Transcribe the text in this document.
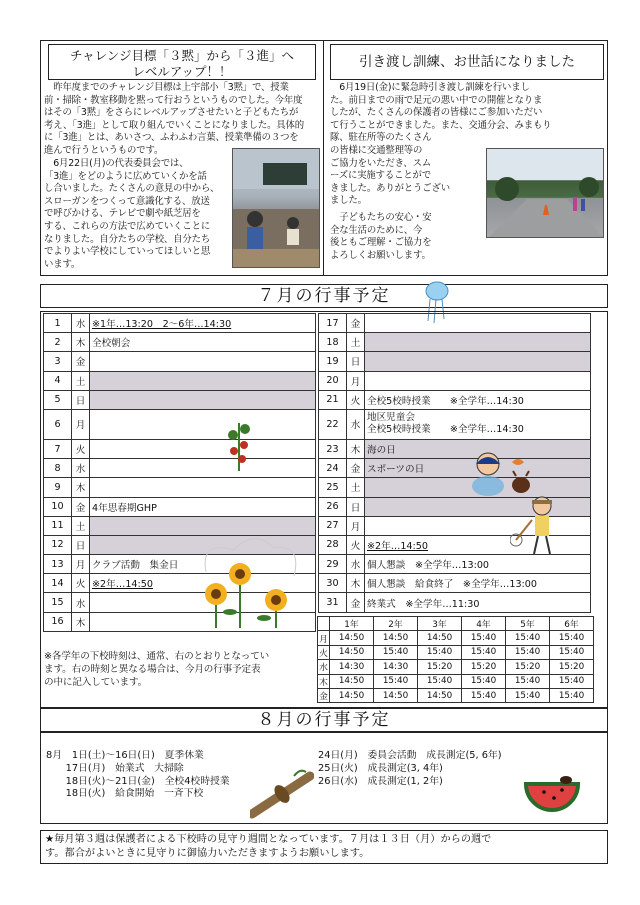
チャレンジ目標「３黙」から「３進」へ
レベルアップ！！
　昨年度までのチャレンジ目標は上宇部小「3黙」で、授業
前・掃除・教室移動を黙って行おうというものでした。今年度
はその「3黙」をさらにレベルアップさせたいと子どもたちが
考え、「3進」として取り組んでいくことになりました。具体的
に「3進」とは、あいさつ、ふわふわ言葉、授業準備の３つを
進んで行うというものです。
　6月22日(月)の代表委員会では、
「3進」をどのように広めていくかを話
し合いました。たくさんの意見の中から、
スローガンをつくって意識化する、放送
で呼びかける、テレビで劇や紙芝居を
する、これらの方法で広めていくことに
なりました。自分たちの学校、自分たち
でよりよい学校にしていってほしいと思
います。
引き渡し訓練、お世話になりました
　6月19日(金)に緊急時引き渡し訓練を行いまし
た。前日までの雨で足元の悪い中での開催となりま
したが、たくさんの保護者の皆様にご参加いただい
て行うことができました。また、交通分会、みまもり
隊、駐在所等のたくさん
の皆様に交通整理等の
ご協力をいただき、スム
ーズに実施することがで
きました。ありがとうござい
ました。
　子どもたちの安心・安
全な生活のために、今
後ともご理解・ご協力を
よろしくお願いします。
７月の行事予定
1	水	※1年…13:20　2〜6年…14:30
2	木	全校朝会
3	金	
4	土	
5	日	
6	月	
7	火	
8	水	
9	木	
10	金	4年思春期GHP
11	土	
12	日	
13	月	クラブ活動　集金日
14	火	※2年…14:50
15	水	
16	木	
17	金	
18	土	
19	日	
20	月	
21	火	全校5校時授業　　※全学年…14:30
22	水	地区児童会
全校5校時授業　　※全学年…14:30
23	木	海の日
24	金	スポーツの日
25	土	
26	日	
27	月	
28	火	※2年…14:50
29	水	個人懇談　※全学年…13:00
30	木	個人懇談　給食終了　※全学年…13:00
31	金	終業式　※全学年…11:30
※各学年の下校時刻は、通常、右のとおりとなってい
ます。右の時刻と異なる場合は、今月の行事予定表
の中に記入しています。
	1年	2年	3年	4年	5年	6年
月	14:50	14:50	14:50	15:40	15:40	15:40
火	14:50	15:40	15:40	15:40	15:40	15:40
水	14:30	14:30	15:20	15:20	15:20	15:20
木	14:50	15:40	15:40	15:40	15:40	15:40
金	14:50	14:50	14:50	15:40	15:40	15:40
８月の行事予定
8月　1日(土)〜16日(日)　夏季休業
　　17日(月)　始業式　大掃除
　　18日(火)〜21日(金)　全校4校時授業
　　18日(火)　給食開始　一斉下校
24日(月)　委員会活動　成長測定(5, 6年)
25日(火)　成長測定(3, 4年)
26日(水)　成長測定(1, 2年)
★毎月第３週は保護者による下校時の見守り週間となっています。７月は１３日（月）からの週で
す。都合がよいときに見守りに御協力いただきますようお願いします。
